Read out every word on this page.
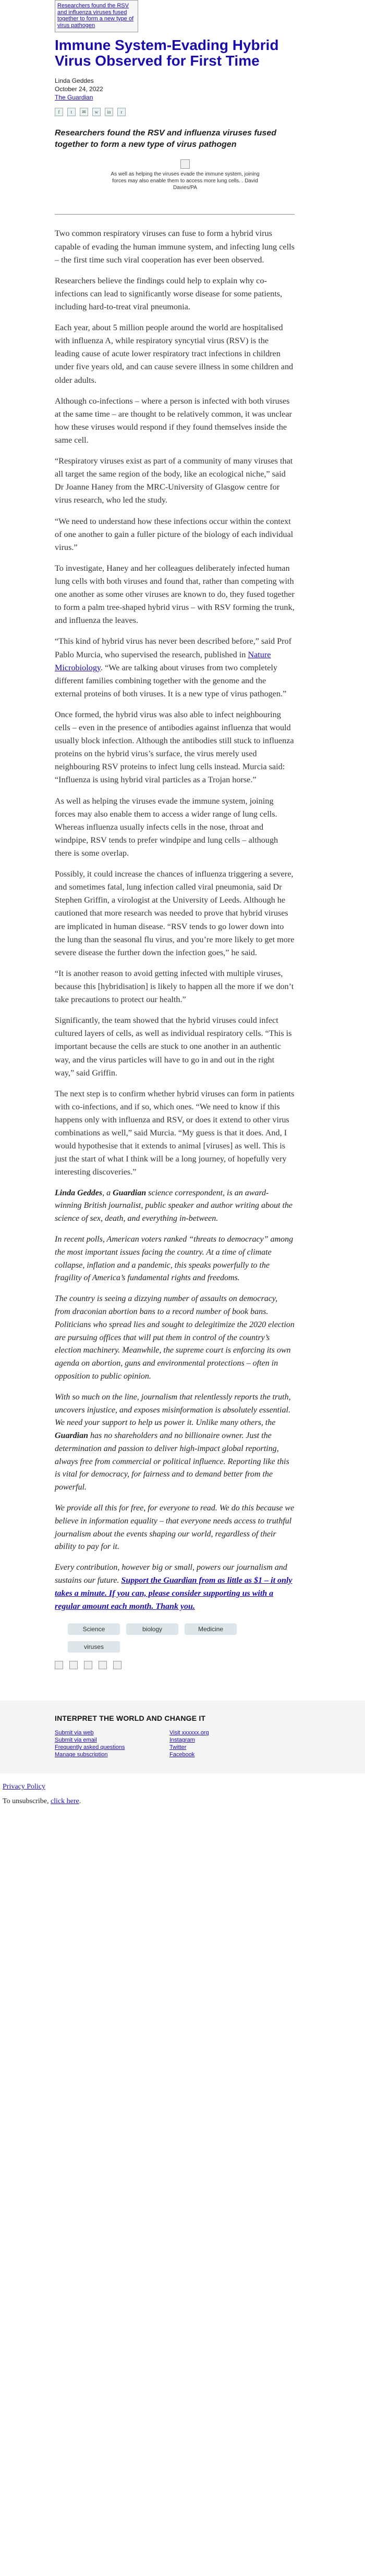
Researchers found the RSV and influenza viruses fused together to form a new type of virus pathogen
Immune System-Evading Hybrid Virus Observed for First Time
Linda Geddes
October 24, 2022
The Guardian
f	t	✉	w	in	r

Researchers found the RSV and influenza viruses fused together to form a new type of virus pathogen

As well as helping the viruses evade the immune system, joining forces may also enable them to access more lung cells. . David Davies/PA

Two common respiratory viruses can fuse to form a hybrid virus capable of evading the human immune system, and infecting lung cells – the first time such viral cooperation has ever been observed.

Researchers believe the findings could help to explain why co-infections can lead to significantly worse disease for some patients, including hard-to-treat viral pneumonia.

Each year, about 5 million people around the world are hospitalised with influenza A, while respiratory syncytial virus (RSV) is the leading cause of acute lower respiratory tract infections in children under five years old, and can cause severe illness in some children and older adults.

Although co-infections – where a person is infected with both viruses at the same time – are thought to be relatively common, it was unclear how these viruses would respond if they found themselves inside the same cell.

“Respiratory viruses exist as part of a community of many viruses that all target the same region of the body, like an ecological niche,” said Dr Joanne Haney from the MRC-University of Glasgow centre for virus research, who led the study.

“We need to understand how these infections occur within the context of one another to gain a fuller picture of the biology of each individual virus.”

To investigate, Haney and her colleagues deliberately infected human lung cells with both viruses and found that, rather than competing with one another as some other viruses are known to do, they fused together to form a palm tree-shaped hybrid virus – with RSV forming the trunk, and influenza the leaves.

“This kind of hybrid virus has never been described before,” said Prof Pablo Murcia, who supervised the research, published in Nature Microbiology. “We are talking about viruses from two completely different families combining together with the genome and the external proteins of both viruses. It is a new type of virus pathogen.”

Once formed, the hybrid virus was also able to infect neighbouring cells – even in the presence of antibodies against influenza that would usually block infection. Although the antibodies still stuck to influenza proteins on the hybrid virus’s surface, the virus merely used neighbouring RSV proteins to infect lung cells instead. Murcia said: “Influenza is using hybrid viral particles as a Trojan horse.”

As well as helping the viruses evade the immune system, joining forces may also enable them to access a wider range of lung cells. Whereas influenza usually infects cells in the nose, throat and windpipe, RSV tends to prefer windpipe and lung cells – although there is some overlap.

Possibly, it could increase the chances of influenza triggering a severe, and sometimes fatal, lung infection called viral pneumonia, said Dr Stephen Griffin, a virologist at the University of Leeds. Although he cautioned that more research was needed to prove that hybrid viruses are implicated in human disease. “RSV tends to go lower down into the lung than the seasonal flu virus, and you’re more likely to get more severe disease the further down the infection goes,” he said.

“It is another reason to avoid getting infected with multiple viruses, because this [hybridisation] is likely to happen all the more if we don’t take precautions to protect our health.”

Significantly, the team showed that the hybrid viruses could infect cultured layers of cells, as well as individual respiratory cells. “This is important because the cells are stuck to one another in an authentic way, and the virus particles will have to go in and out in the right way,” said Griffin.

The next step is to confirm whether hybrid viruses can form in patients with co-infections, and if so, which ones. “We need to know if this happens only with influenza and RSV, or does it extend to other virus combinations as well,” said Murcia. “My guess is that it does. And, I would hypothesise that it extends to animal [viruses] as well. This is just the start of what I think will be a long journey, of hopefully very interesting discoveries.”

Linda Geddes, a Guardian science correspondent, is an award-winning British journalist, public speaker and author writing about the science of sex, death, and everything in-between.

In recent polls, American voters ranked “threats to democracy” among the most important issues facing the country. At a time of climate collapse, inflation and a pandemic, this speaks powerfully to the fragility of America’s fundamental rights and freedoms.

The country is seeing a dizzying number of assaults on democracy, from draconian abortion bans to a record number of book bans. Politicians who spread lies and sought to delegitimize the 2020 election are pursuing offices that will put them in control of the country’s election machinery. Meanwhile, the supreme court is enforcing its own agenda on abortion, guns and environmental protections – often in opposition to public opinion.

With so much on the line, journalism that relentlessly reports the truth, uncovers injustice, and exposes misinformation is absolutely essential. We need your support to help us power it. Unlike many others, the Guardian has no shareholders and no billionaire owner. Just the determination and passion to deliver high-impact global reporting, always free from commercial or political influence. Reporting like this is vital for democracy, for fairness and to demand better from the powerful.

We provide all this for free, for everyone to read. We do this because we believe in information equality – that everyone needs access to truthful journalism about the events shaping our world, regardless of their ability to pay for it.

Every contribution, however big or small, powers our journalism and sustains our future. Support the Guardian from as little as $1 – it only takes a minute. If you can, please consider supporting us with a regular amount each month. Thank you.

Science	biology	Medicine
viruses
INTERPRET THE WORLD AND CHANGE IT
Submit via web	Visit xxxxxx.org
Submit via email	Instagram
Frequently asked questions	Twitter
Manage subscription	Facebook

Privacy Policy

To unsubscribe, click here.
